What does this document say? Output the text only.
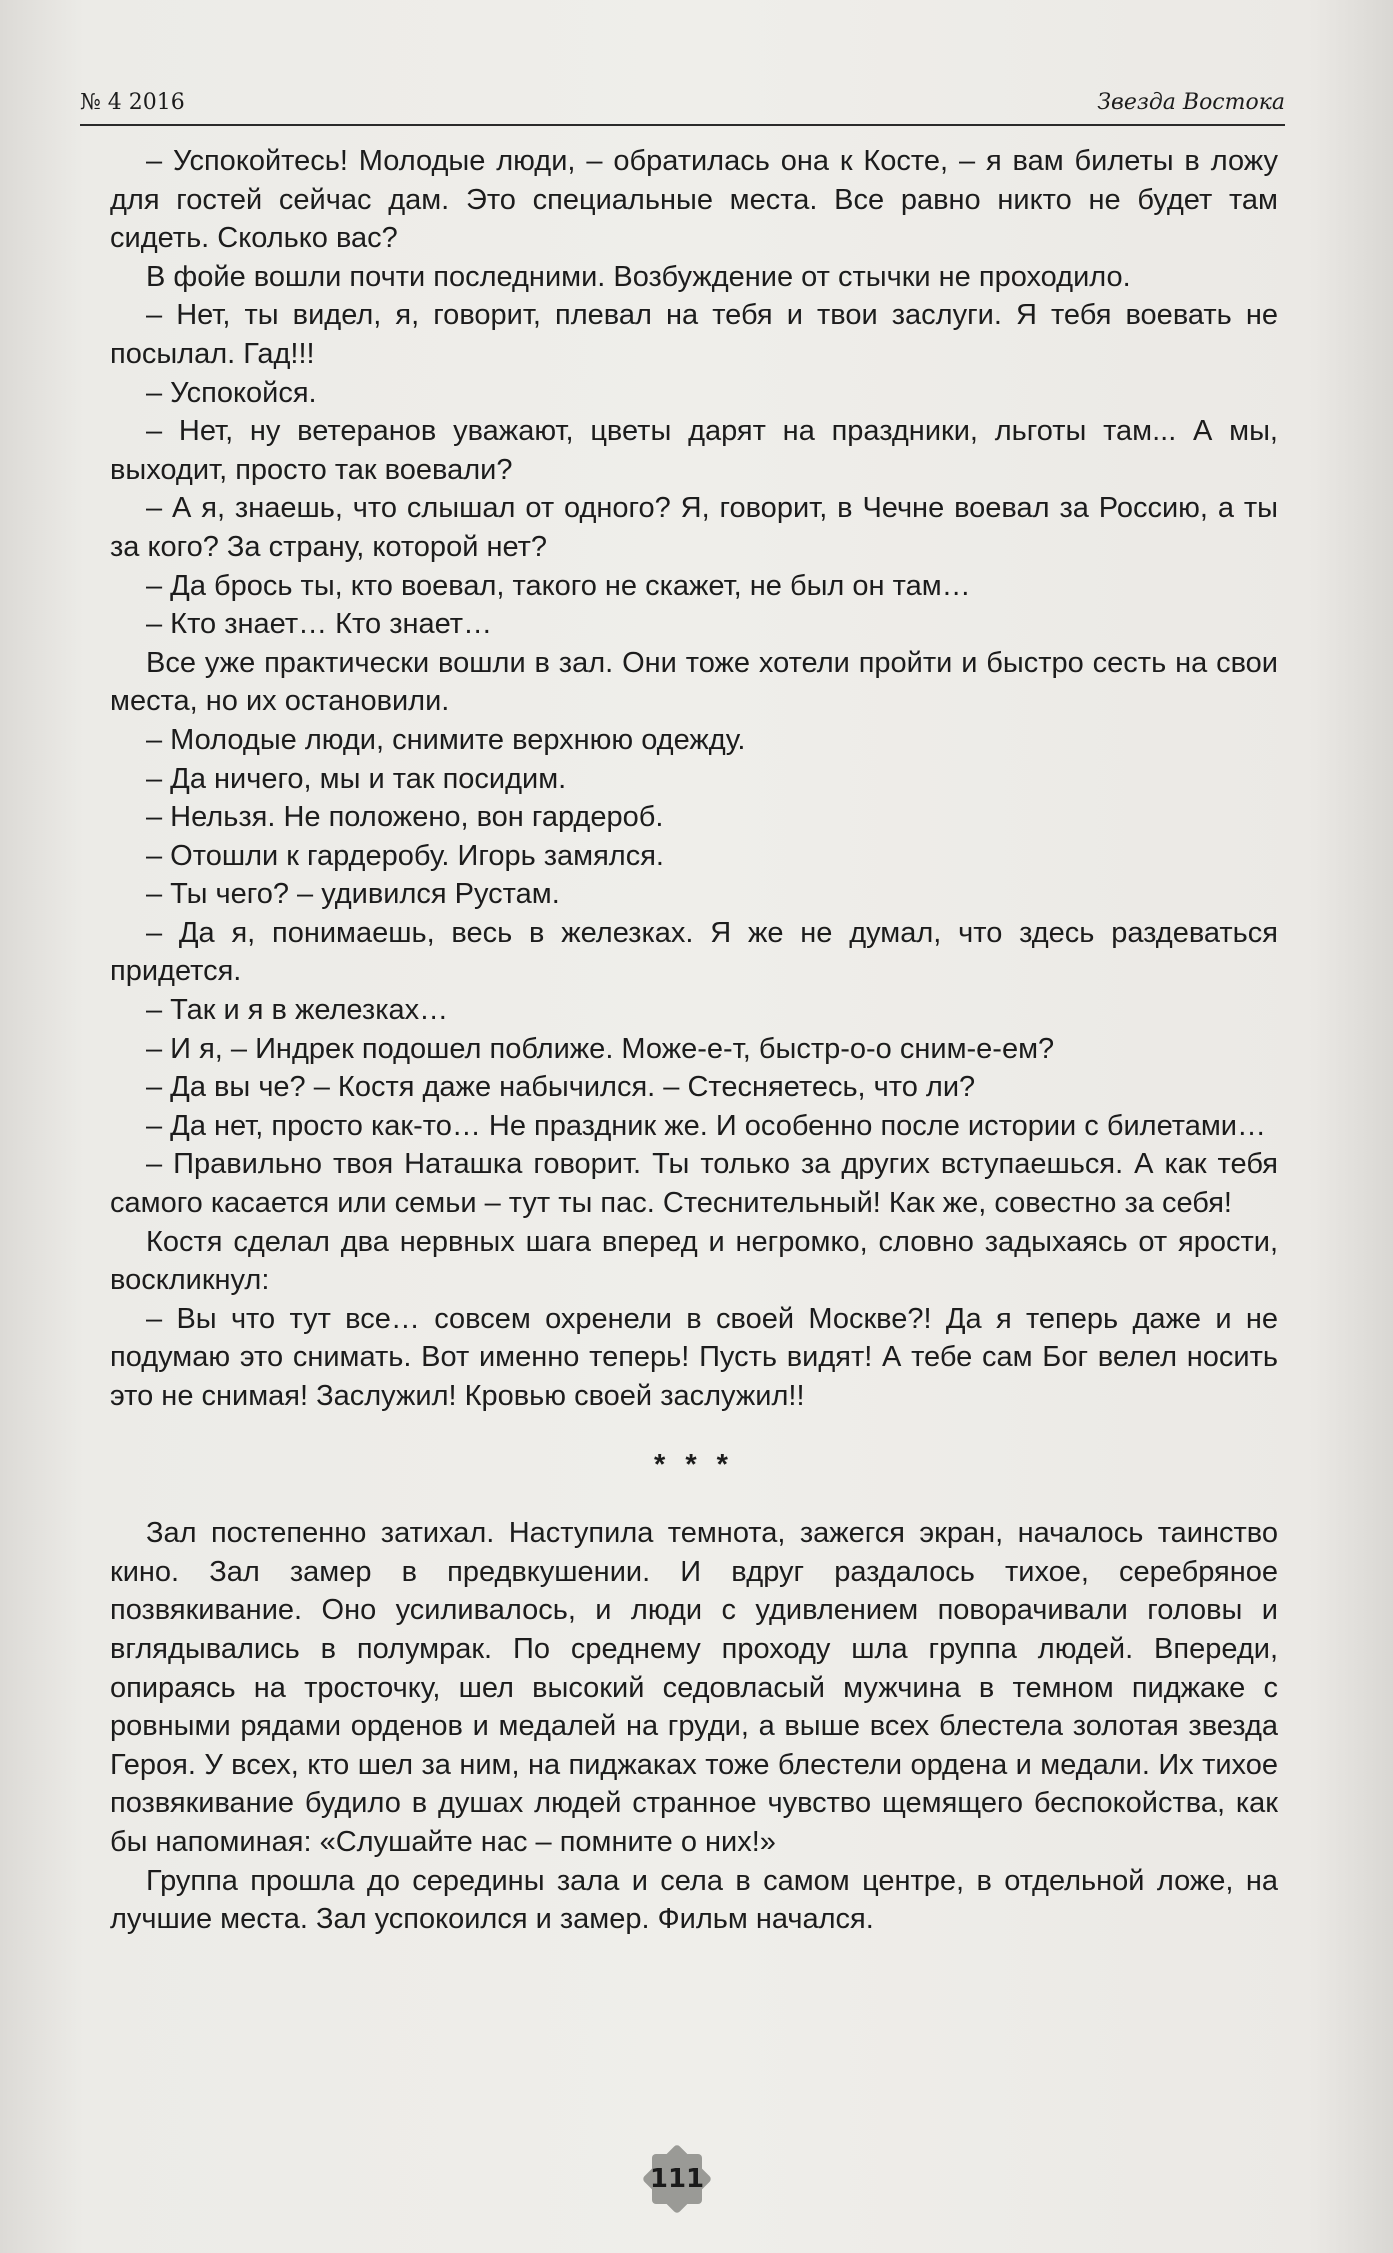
№ 4 2016	Звезда Востока

– Успокойтесь! Молодые люди, – обратилась она к Косте, – я вам билеты в ложу для гостей сейчас дам. Это специальные места. Все равно никто не будет там сидеть. Сколько вас?

В фойе вошли почти последними. Возбуждение от стычки не проходило.

– Нет, ты видел, я, говорит, плевал на тебя и твои заслуги. Я тебя воевать не посылал. Гад!!!

– Успокойся.

– Нет, ну ветеранов уважают, цветы дарят на праздники, льготы там... А мы, выходит, просто так воевали?

– А я, знаешь, что слышал от одного? Я, говорит, в Чечне воевал за Россию, а ты за кого? За страну, которой нет?

– Да брось ты, кто воевал, такого не скажет, не был он там…

– Кто знает… Кто знает…

Все уже практически вошли в зал. Они тоже хотели пройти и быстро сесть на свои места, но их остановили.

– Молодые люди, снимите верхнюю одежду.

– Да ничего, мы и так посидим.

– Нельзя. Не положено, вон гардероб.

– Отошли к гардеробу. Игорь замялся.

– Ты чего? – удивился Рустам.

– Да я, понимаешь, весь в железках. Я же не думал, что здесь раздеваться придется.

– Так и я в железках…

– И я, – Индрек подошел поближе. Може-е-т, быстр-о-о сним-е-ем?

– Да вы че? – Костя даже набычился. – Стесняетесь, что ли?

– Да нет, просто как-то… Не праздник же. И особенно после истории с билетами…

– Правильно твоя Наташка говорит. Ты только за других вступаешься. А как тебя самого касается или семьи – тут ты пас. Стеснительный! Как же, совестно за себя!

Костя сделал два нервных шага вперед и негромко, словно задыхаясь от ярости, воскликнул:

– Вы что тут все… совсем охренели в своей Москве?! Да я теперь даже и не подумаю это снимать. Вот именно теперь! Пусть видят! А тебе сам Бог велел носить это не снимая! Заслужил! Кровью своей заслужил!!

* * *

Зал постепенно затихал. Наступила темнота, зажегся экран, началось таинство кино. Зал замер в предвкушении. И вдруг раздалось тихое, серебряное позвякивание. Оно усиливалось, и люди с удивлением поворачивали головы и вглядывались в полумрак. По среднему проходу шла группа людей. Впереди, опираясь на тросточку, шел высокий седовласый мужчина в темном пиджаке с ровными рядами орденов и медалей на груди, а выше всех блестела золотая звезда Героя. У всех, кто шел за ним, на пиджаках тоже блестели ордена и медали. Их тихое позвякивание будило в душах людей странное чувство щемящего беспокойства, как бы напоминая: «Слушайте нас – помните о них!»

Группа прошла до середины зала и села в самом центре, в отдельной ложе, на лучшие места. Зал успокоился и замер. Фильм начался.

111
